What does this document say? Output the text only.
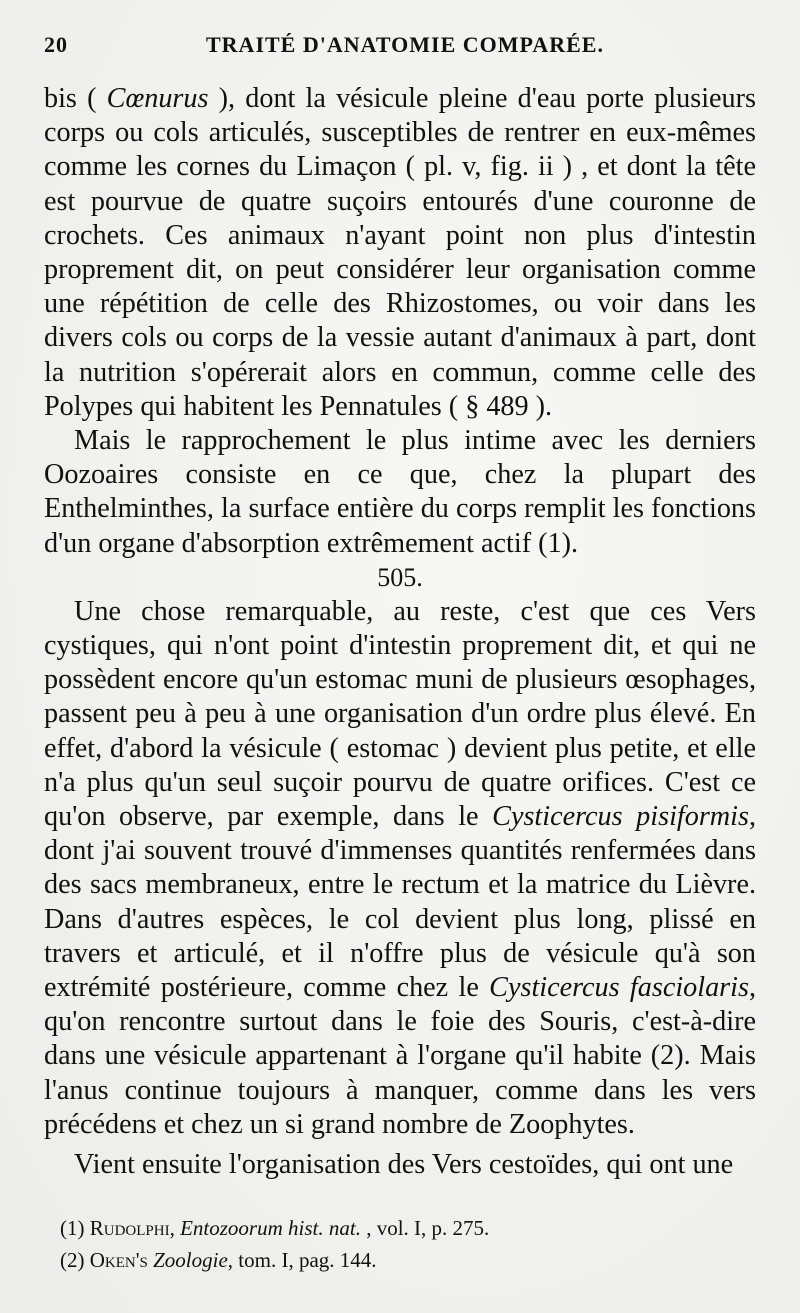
20	TRAITÉ D'ANATOMIE COMPARÉE.

bis ( Cœnurus ), dont la vésicule pleine d'eau porte plusieurs corps ou cols articulés, susceptibles de rentrer en eux-mêmes comme les cornes du Limaçon ( pl. v, fig. ii ) , et dont la tête est pourvue de quatre suçoirs entourés d'une couronne de crochets. Ces animaux n'ayant point non plus d'intestin proprement dit, on peut considérer leur organisation comme une répétition de celle des Rhizostomes, ou voir dans les divers cols ou corps de la vessie autant d'animaux à part, dont la nutrition s'opérerait alors en commun, comme celle des Polypes qui habitent les Pennatules ( § 489 ).

Mais le rapprochement le plus intime avec les derniers Oozoaires consiste en ce que, chez la plupart des Enthelminthes, la surface entière du corps remplit les fonctions d'un organe d'absorption extrêmement actif (1).

505.

Une chose remarquable, au reste, c'est que ces Vers cystiques, qui n'ont point d'intestin proprement dit, et qui ne possèdent encore qu'un estomac muni de plusieurs œsophages, passent peu à peu à une organisation d'un ordre plus élevé. En effet, d'abord la vésicule ( estomac ) devient plus petite, et elle n'a plus qu'un seul suçoir pourvu de quatre orifices. C'est ce qu'on observe, par exemple, dans le Cysticercus pisiformis, dont j'ai souvent trouvé d'immenses quantités renfermées dans des sacs membraneux, entre le rectum et la matrice du Lièvre. Dans d'autres espèces, le col devient plus long, plissé en travers et articulé, et il n'offre plus de vésicule qu'à son extrémité postérieure, comme chez le Cysticercus fasciolaris, qu'on rencontre surtout dans le foie des Souris, c'est-à-dire dans une vésicule appartenant à l'organe qu'il habite (2). Mais l'anus continue toujours à manquer, comme dans les vers précédens et chez un si grand nombre de Zoophytes.

Vient ensuite l'organisation des Vers cestoïdes, qui ont une

(1) Rudolphi, Entozoorum hist. nat. , vol. I, p. 275.

(2) Oken's Zoologie, tom. I, pag. 144.
